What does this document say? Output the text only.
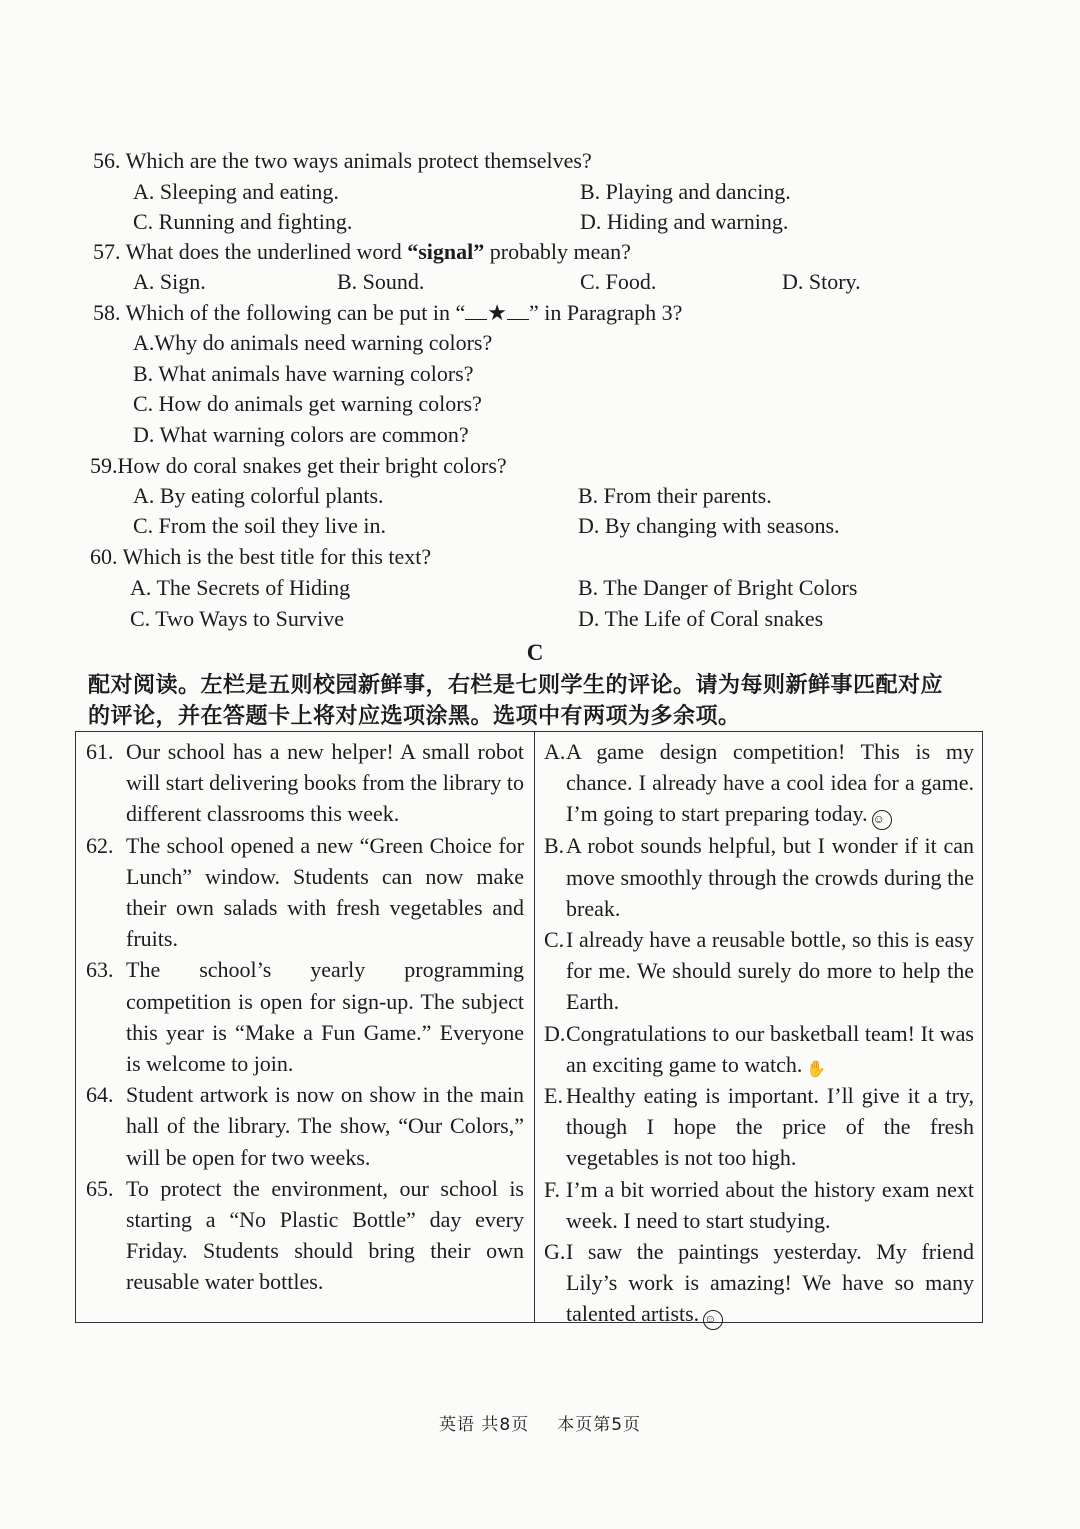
56. Which are the two ways animals protect themselves?
A. Sleeping and eating.	B. Playing and dancing.
C. Running and fighting.	D. Hiding and warning.
57. What does the underlined word “signal” probably mean?
A. Sign.	B. Sound.	C. Food.	D. Story.
58. Which of the following can be put in “ ★ ” in Paragraph 3?
A.Why do animals need warning colors?
B. What animals have warning colors?
C. How do animals get warning colors?
D. What warning colors are common?
59.How do coral snakes get their bright colors?
A. By eating colorful plants.	B. From their parents.
C. From the soil they live in.	D. By changing with seasons.
60. Which is the best title for this text?
A. The Secrets of Hiding	B. The Danger of Bright Colors
C. Two Ways to Survive	D. The Life of Coral snakes
C
配对阅读。左栏是五则校园新鲜事，右栏是七则学生的评论。请为每则新鲜事匹配对应
的评论，并在答题卡上将对应选项涂黑。选项中有两项为多余项。
61. Our school has a new helper! A small robot will start delivering books from the library to different classrooms this week.
62. The school opened a new “Green Choice for Lunch” window. Students can now make their own salads with fresh vegetables and fruits.
63. The school’s yearly programming competition is open for sign-up. The subject this year is “Make a Fun Game.” Everyone is welcome to join.
64. Student artwork is now on show in the main hall of the library. The show, “Our Colors,” will be open for two weeks.
65. To protect the environment, our school is starting a “No Plastic Bottle” day every Friday. Students should bring their own reusable water bottles.
A. A game design competition! This is my chance. I already have a cool idea for a game. I’m going to start preparing today. ☺
B. A robot sounds helpful, but I wonder if it can move smoothly through the crowds during the break.
C. I already have a reusable bottle, so this is easy for me. We should surely do more to help the Earth.
D. Congratulations to our basketball team! It was an exciting game to watch. ✋
E. Healthy eating is important. I’ll give it a try, though I hope the price of the fresh vegetables is not too high.
F. I’m a bit worried about the history exam next week. I need to start studying.
G. I saw the paintings yesterday. My friend Lily’s work is amazing! We have so many talented artists. ☺
英语 共8页 本页第5页
